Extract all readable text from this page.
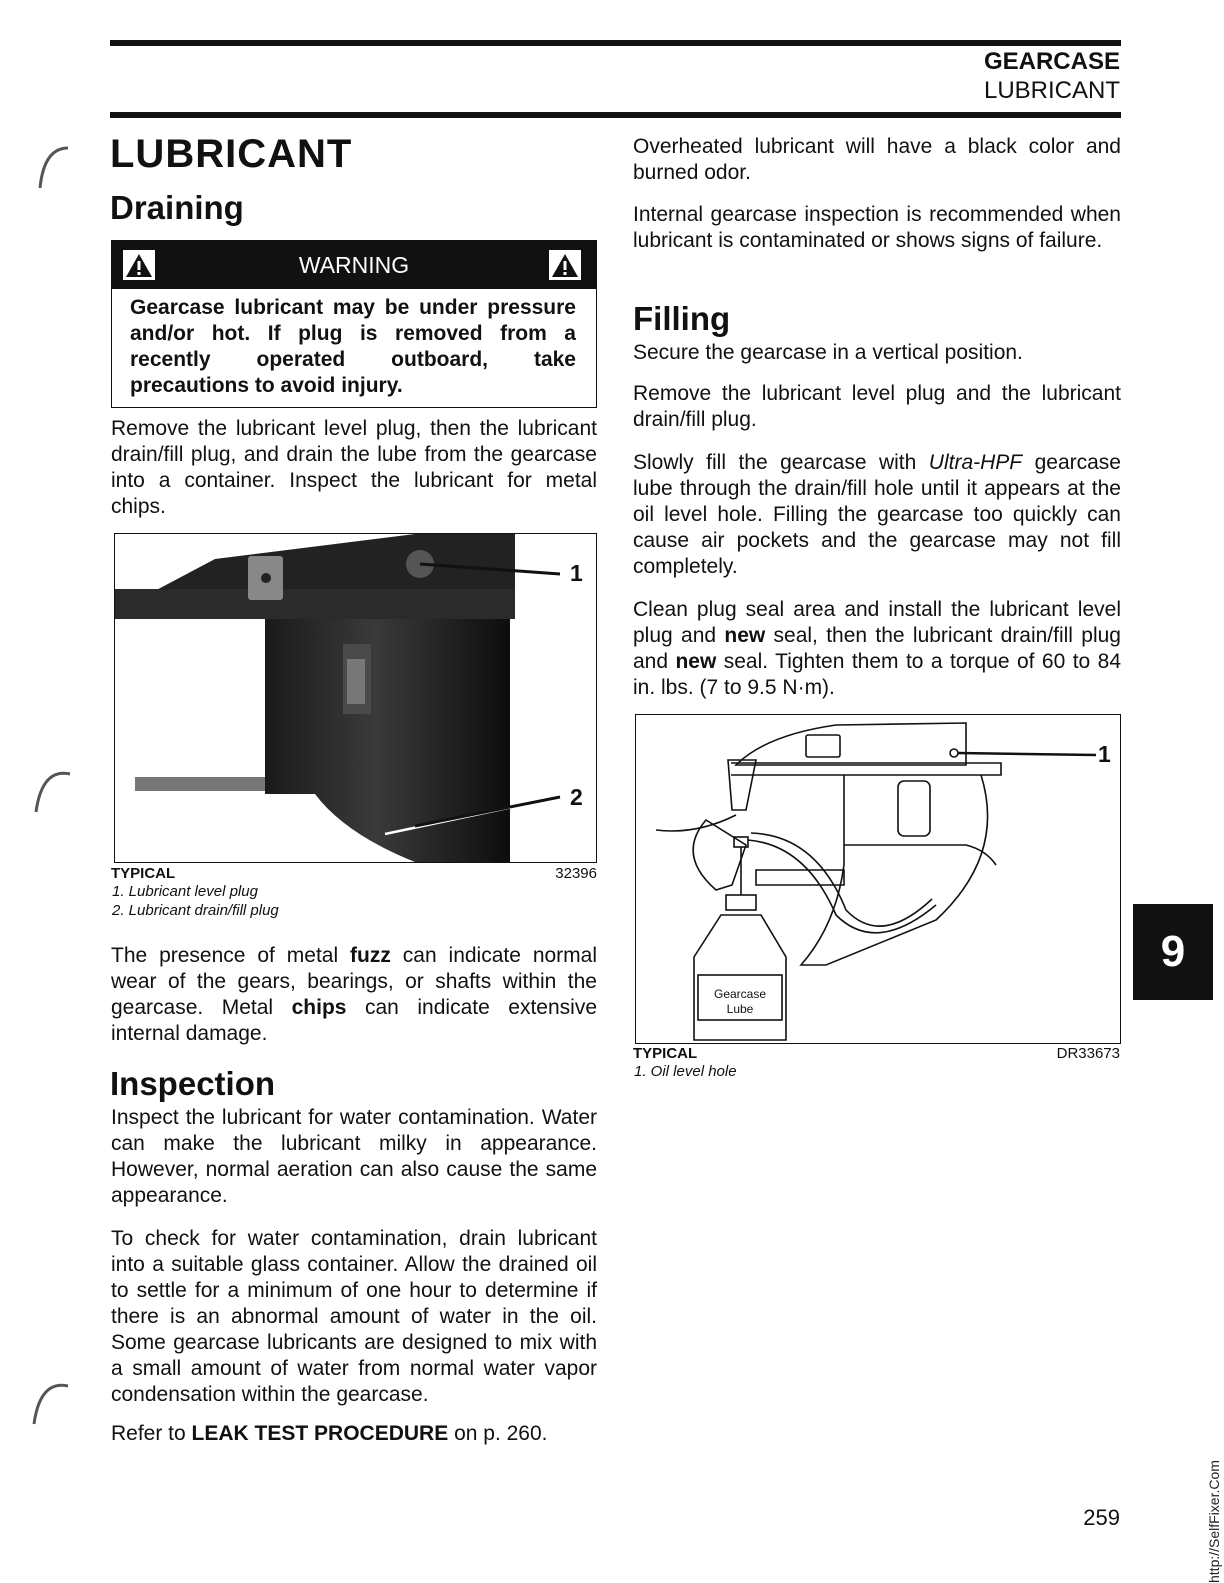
GEARCASE
LUBRICANT
LUBRICANT
Draining
WARNING
Gearcase lubricant may be under pressure and/or hot. If plug is removed from a recently operated outboard, take precautions to avoid injury.

Remove the lubricant level plug, then the lubricant drain/fill plug, and drain the lube from the gearcase into a container. Inspect the lubricant for metal chips.

1
2
TYPICAL	32396
1. Lubricant level plug
2. Lubricant drain/fill plug

The presence of metal fuzz can indicate normal wear of the gears, bearings, or shafts within the gearcase. Metal chips can indicate extensive internal damage.

Inspection

Inspect the lubricant for water contamination. Water can make the lubricant milky in appearance. However, normal aeration can also cause the same appearance.

To check for water contamination, drain lubricant into a suitable glass container. Allow the drained oil to settle for a minimum of one hour to determine if there is an abnormal amount of water in the oil. Some gearcase lubricants are designed to mix with a small amount of water from normal water vapor condensation within the gearcase.

Refer to LEAK TEST PROCEDURE on p. 260.

Overheated lubricant will have a black color and burned odor.

Internal gearcase inspection is recommended when lubricant is contaminated or shows signs of failure.

Filling

Secure the gearcase in a vertical position.

Remove the lubricant level plug and the lubricant drain/fill plug.

Slowly fill the gearcase with Ultra-HPF gearcase lube through the drain/fill hole until it appears at the oil level hole. Filling the gearcase too quickly can cause air pockets and the gearcase may not fill completely.

Clean plug seal area and install the lubricant level plug and new seal, then the lubricant drain/fill plug and new seal. Tighten them to a torque of 60 to 84 in. lbs. (7 to 9.5 N·m).

1
Gearcase
Lube
TYPICAL	DR33673
1. Oil level hole
9
http://SelfFixer.Com
259
